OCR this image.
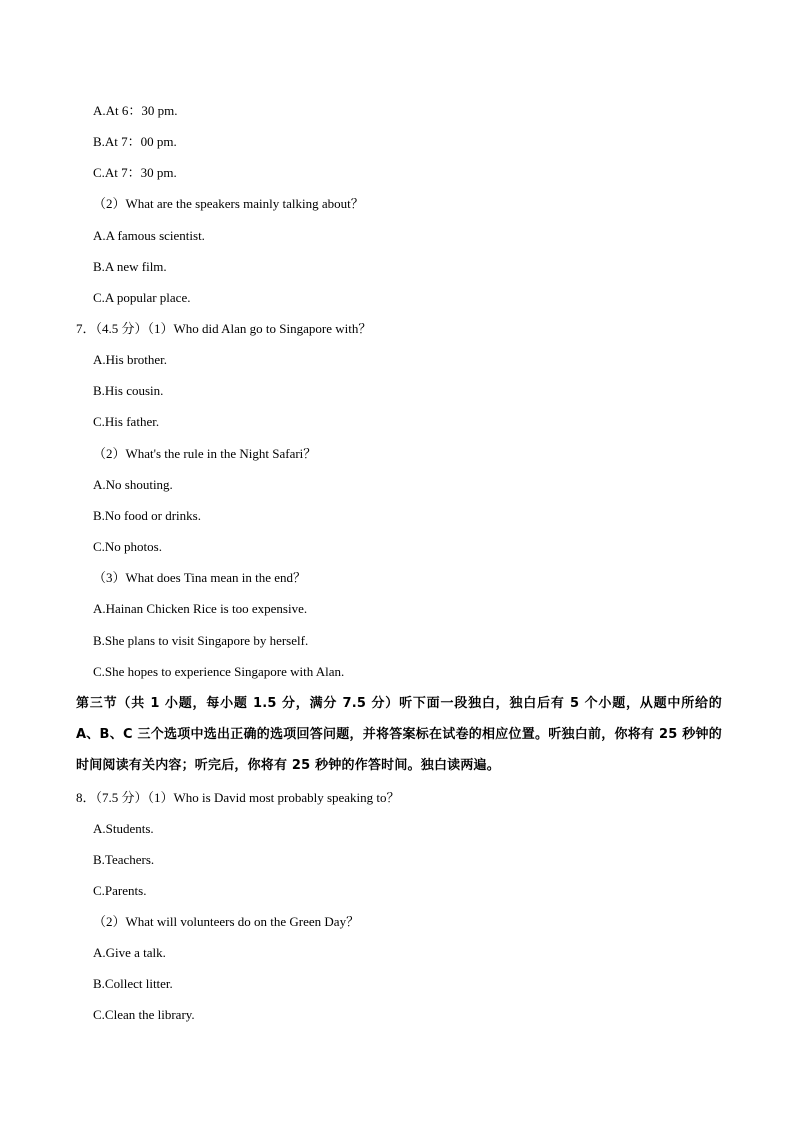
A.At 6：30 pm.
B.At 7：00 pm.
C.At 7：30 pm.
（2）What are the speakers mainly talking about？
A.A famous scientist.
B.A new film.
C.A popular place.
7．（4.5 分）（1）Who did Alan go to Singapore with？
A.His brother.
B.His cousin.
C.His father.
（2）What's the rule in the Night Safari？
A.No shouting.
B.No food or drinks.
C.No photos.
（3）What does Tina mean in the end？
A.Hainan Chicken Rice is too expensive.
B.She plans to visit Singapore by herself.
C.She hopes to experience Singapore with Alan.
第三节（共 1 小题，每小题 1.5 分，满分 7.5 分）听下面一段独白，独白后有 5 个小题，从题中所给的 A、B、C 三个选项中选出正确的选项回答问题，并将答案标在试卷的相应位置。听独白前，你将有 25 秒钟的时间阅读有关内容；听完后，你将有 25 秒钟的作答时间。独白读两遍。
8．（7.5 分）（1）Who is David most probably speaking to？
A.Students.
B.Teachers.
C.Parents.
（2）What will volunteers do on the Green Day？
A.Give a talk.
B.Collect litter.
C.Clean the library.
